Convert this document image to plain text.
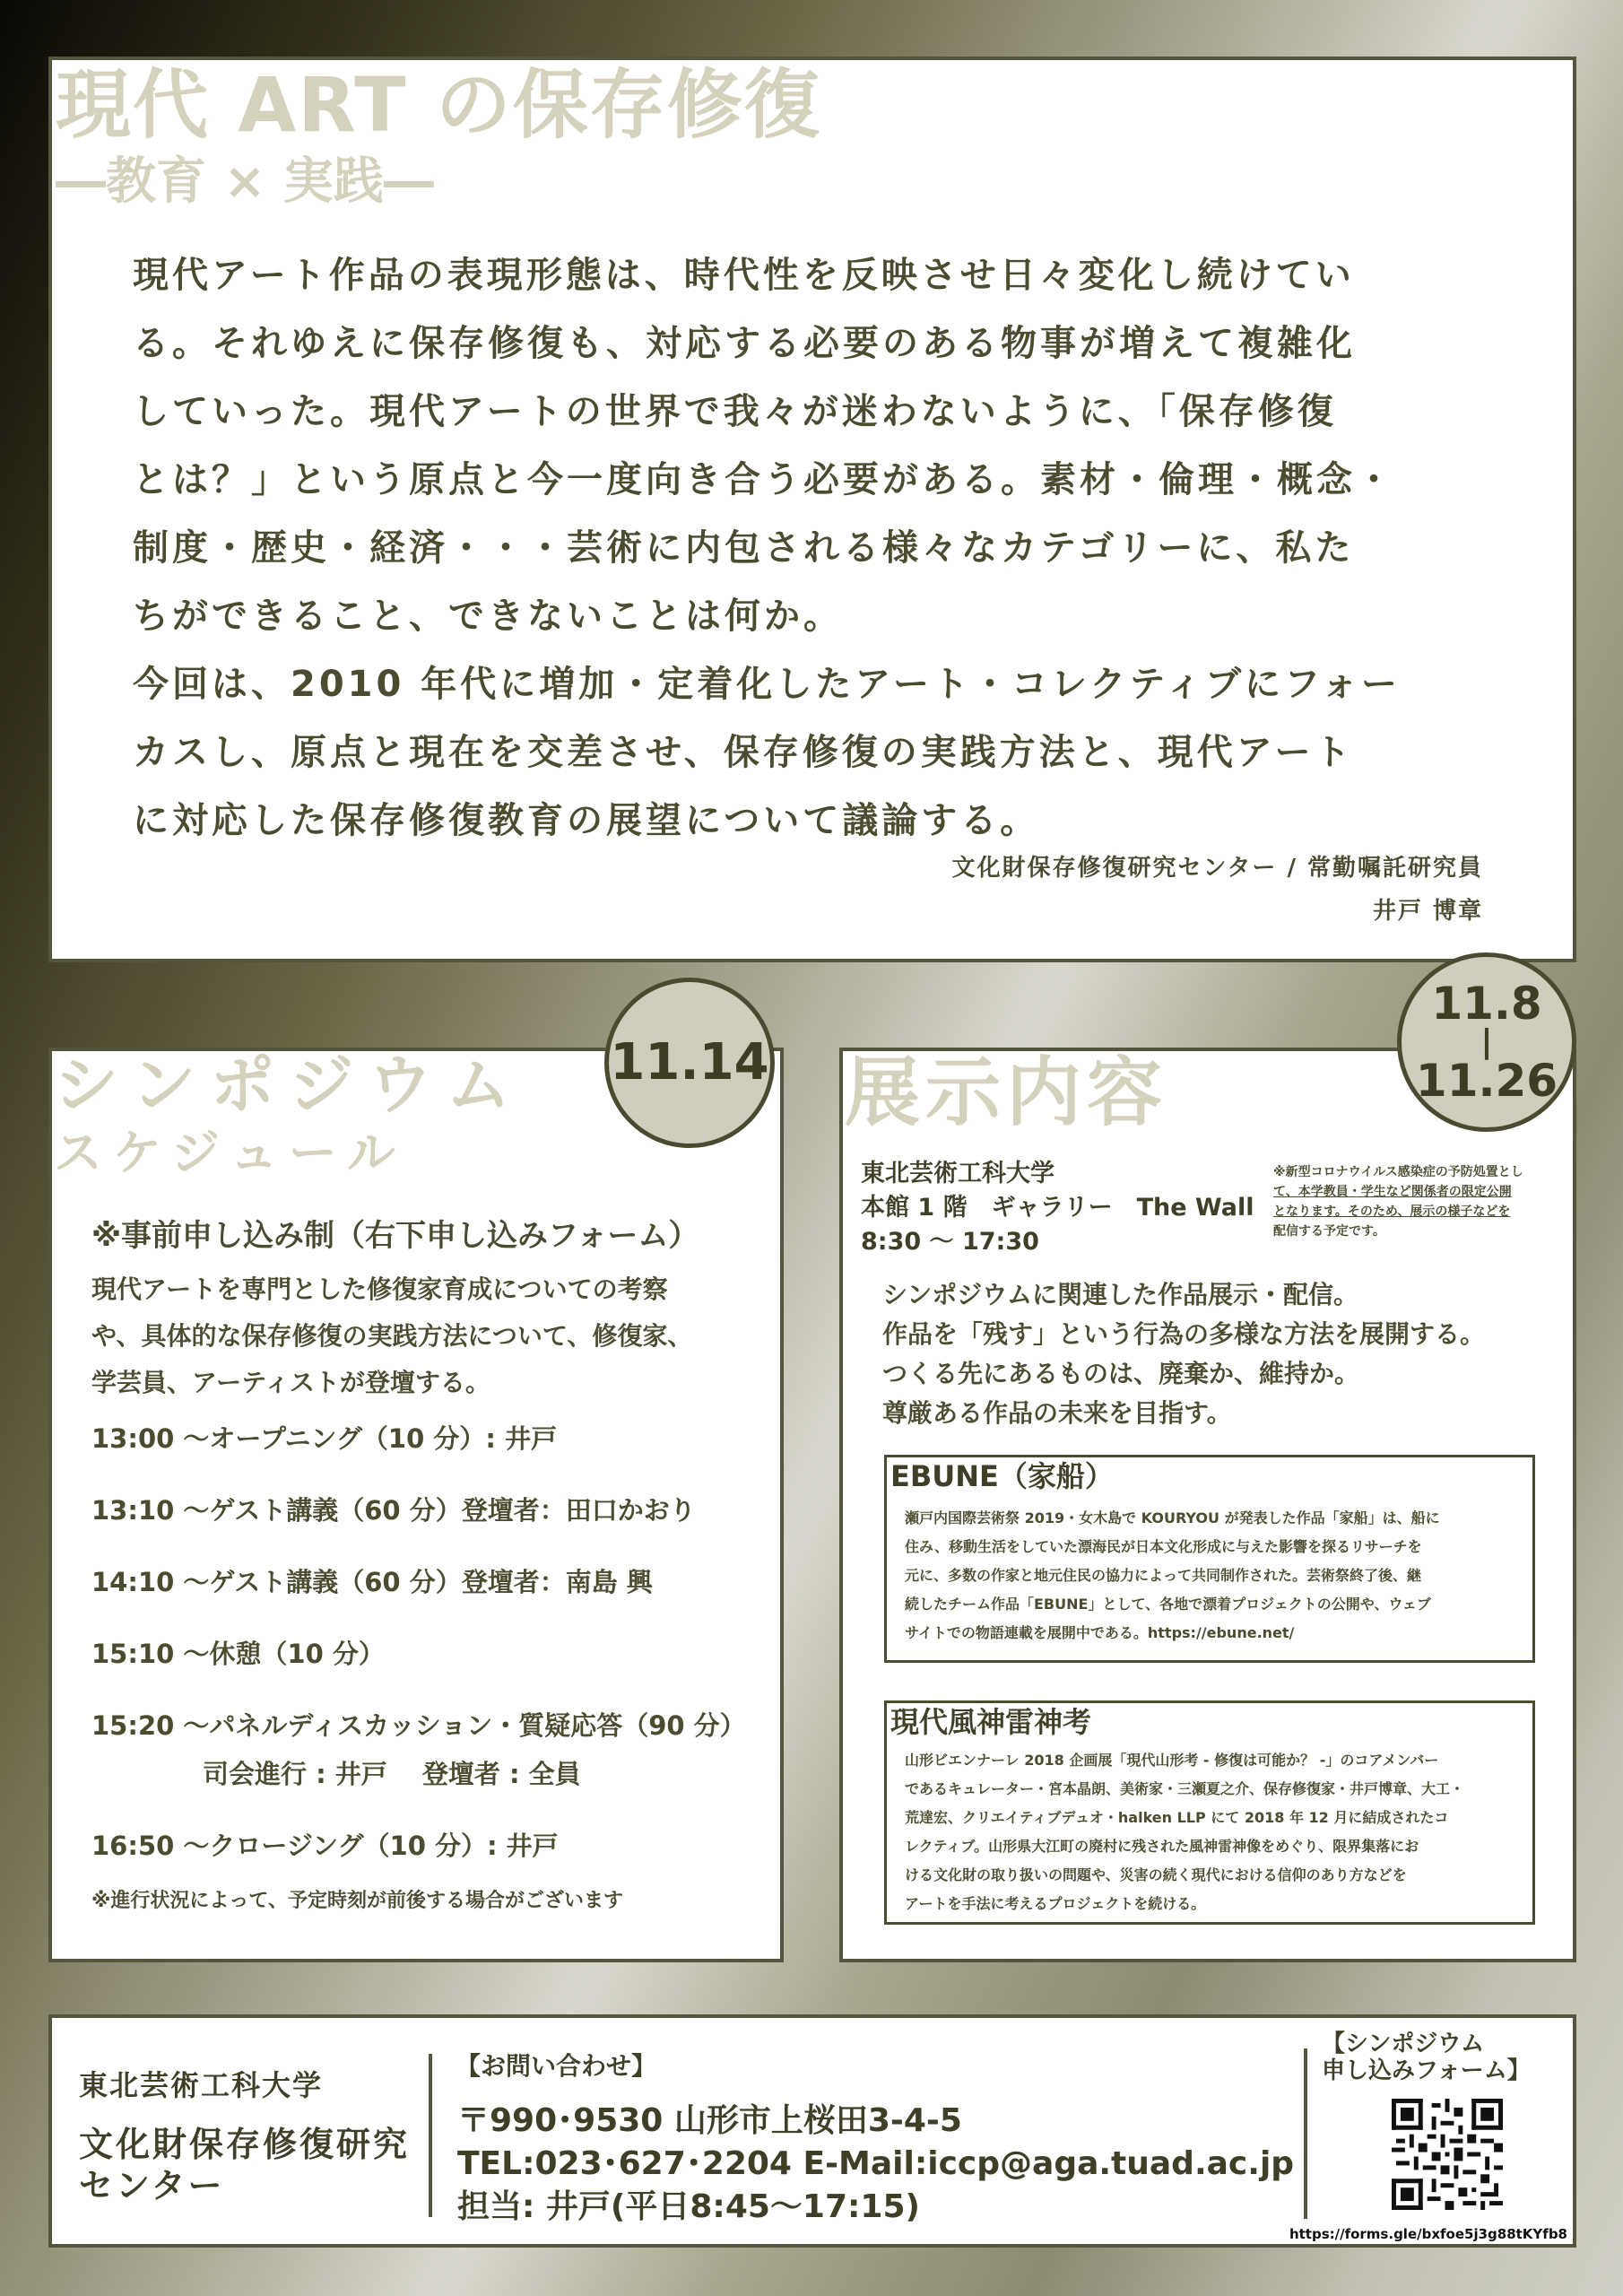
現代 ART の保存修復
―教育 × 実践―
現代アート作品の表現形態は、時代性を反映させ日々変化し続けてい
る。それゆえに保存修復も、対応する必要のある物事が増えて複雑化
していった。現代アートの世界で我々が迷わないように、「保存修復
とは？」という原点と今一度向き合う必要がある。素材・倫理・概念・
制度・歴史・経済・・・芸術に内包される様々なカテゴリーに、私た
ちができること、できないことは何か。
今回は、2010 年代に増加・定着化したアート・コレクティブにフォー
カスし、原点と現在を交差させ、保存修復の実践方法と、現代アート
に対応した保存修復教育の展望について議論する。
文化財保存修復研究センター / 常勤嘱託研究員
井戸 博章
シンポジウム
スケジュール
※事前申し込み制（右下申し込みフォーム）
現代アートを専門とした修復家育成についての考察
や、具体的な保存修復の実践方法について、修復家、
学芸員、アーティストが登壇する。
13:00 ～オープニング（10 分）: 井戸
13:10 ～ゲスト講義（60 分）登壇者：田口かおり
14:10 ～ゲスト講義（60 分）登壇者：南島 興
15:10 ～休憩（10 分）
15:20 ～パネルディスカッション・質疑応答（90 分）
司会進行 : 井戸　 登壇者 : 全員
16:50 ～クロージング（10 分）: 井戸
※進行状況によって、予定時刻が前後する場合がございます
11.14 展示内容
東北芸術工科大学
本館 1 階　ギャラリー　The Wall
8:30 ～ 17:30
※新型コロナウイルス感染症の予防処置とし
て、本学教員・学生など関係者の限定公開
となります。そのため、展示の様子などを
配信する予定です。
シンポジウムに関連した作品展示・配信。
作品を「残す」という行為の多様な方法を展開する。
つくる先にあるものは、廃棄か、維持か。
尊厳ある作品の未来を目指す。
EBUNE（家船）
瀬戸内国際芸術祭 2019・女木島で KOURYOU が発表した作品「家船」は、船に
住み、移動生活をしていた漂海民が日本文化形成に与えた影響を探るリサーチを
元に、多数の作家と地元住民の協力によって共同制作された。芸術祭終了後、継
続したチーム作品「EBUNE」として、各地で漂着プロジェクトの公開や、ウェブ
サイトでの物語連載を展開中である。https://ebune.net/
現代風神雷神考
山形ビエンナーレ 2018 企画展「現代山形考 - 修復は可能か？ -」のコアメンバー
であるキュレーター・宮本晶朗、美術家・三瀬夏之介、保存修復家・井戸博章、大工・
荒達宏、クリエイティブデュオ・halken LLP にて 2018 年 12 月に結成されたコ
レクティブ。山形県大江町の廃村に残された風神雷神像をめぐり、限界集落にお
ける文化財の取り扱いの問題や、災害の続く現代における信仰のあり方などを
アートを手法に考えるプロジェクトを続ける。
11.8
|
11.26
東北芸術工科大学
文化財保存修復研究
センター
【お問い合わせ】
〒990･9530 山形市上桜田3-4-5
TEL:023･627･2204 E-Mail:iccp@aga.tuad.ac.jp
担当: 井戸(平日8:45～17:15)
【シンポジウム
申し込みフォーム】
https://forms.gle/bxfoe5j3g88tKYfb8
